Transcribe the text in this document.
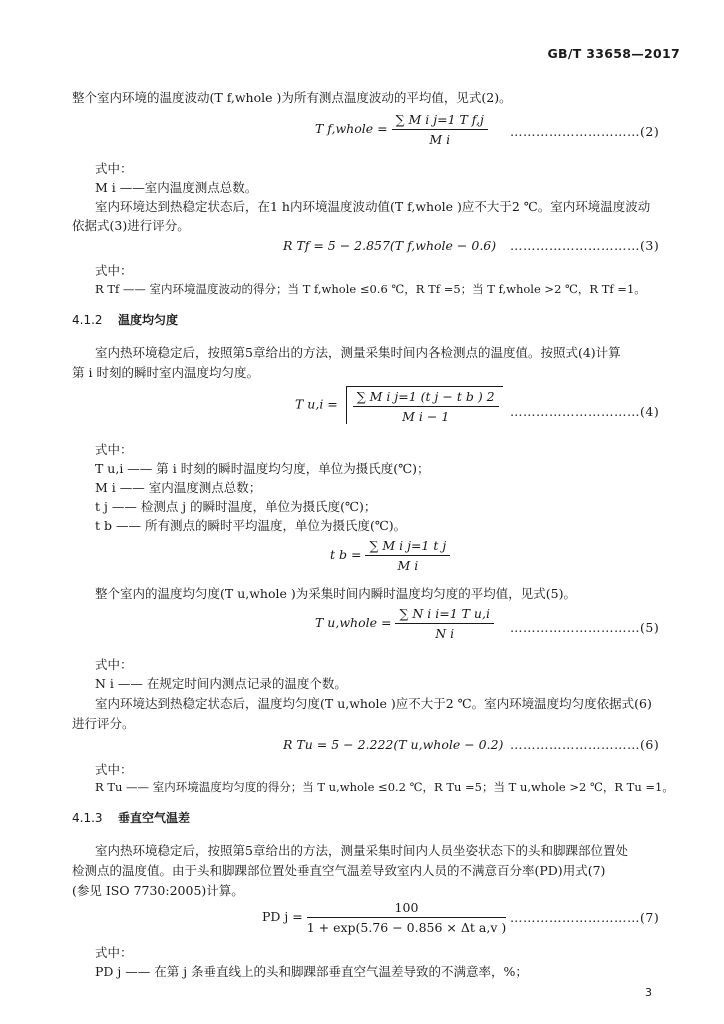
GB/T 33658—2017
整个室内环境的温度波动(T f,whole )为所有测点温度波动的平均值，见式(2)。
T f,whole = $\frac{\text{∑ M i j=1 T f,j}}{\text{M i}}$ …………………………(2)
式中：
M i ——室内温度测点总数。
室内环境达到热稳定状态后，在1 h内环境温度波动值(T f,whole )应不大于2 ℃。室内环境温度波动
依据式(3)进行评分。
R Tf = 5 − 2.857(T f,whole − 0.6) …………………………(3)
式中：
R Tf —— 室内环境温度波动的得分；当 T f,whole ≤0.6 ℃，R Tf =5；当 T f,whole >2 ℃，R Tf =1。
4.1.2 温度均匀度
室内热环境稳定后，按照第5章给出的方法，测量采集时间内各检测点的温度值。按照式(4)计算
第 i 时刻的瞬时室内温度均匀度。
T $u,i = \frac{\text{∑ M i j=1 (t j − t b ) 2}}{\text{M i − 1}}$ …………………………(4)
式中：
T u,i —— 第 i 时刻的瞬时温度均匀度，单位为摄氏度(℃)；
M i —— 室内温度测点总数；
t j —— 检测点 j 的瞬时温度，单位为摄氏度(℃)；
t b —— 所有测点的瞬时平均温度，单位为摄氏度(℃)。
t $b = \frac{\text{∑ M i j=1 t j}}{\text{M i}}$
整个室内的温度均匀度(T u,whole )为采集时间内瞬时温度均匀度的平均值，见式(5)。
T u,whole = $\frac{\text{∑ N i i=1 T u,i}}{\text{N i}}$ …………………………(5)
式中：
N i —— 在规定时间内测点记录的温度个数。
室内环境达到热稳定状态后，温度均匀度(T u,whole )应不大于2 ℃。室内环境温度均匀度依据式(6)
进行评分。
R Tu = 5 − 2.222(T u,whole − 0.2) …………………………(6)
式中：
R Tu —— 室内环境温度均匀度的得分；当 T u,whole ≤0.2 ℃，R Tu =5；当 T u,whole >2 ℃，R Tu =1。
4.1.3 垂直空气温差
室内热环境稳定后，按照第5章给出的方法，测量采集时间内人员坐姿状态下的头和脚踝部位置处
检测点的温度值。由于头和脚踝部位置处垂直空气温差导致室内人员的不满意百分率(PD)用式(7)
(参见 ISO 7730:2005)计算。
PD $j = \frac{100}{\text{1 + exp(5.76 − 0.856 × Δt a,v )}}$ …………………………(7)
式中：
PD j —— 在第 j 条垂直线上的头和脚踝部垂直空气温差导致的不满意率，%；
3
